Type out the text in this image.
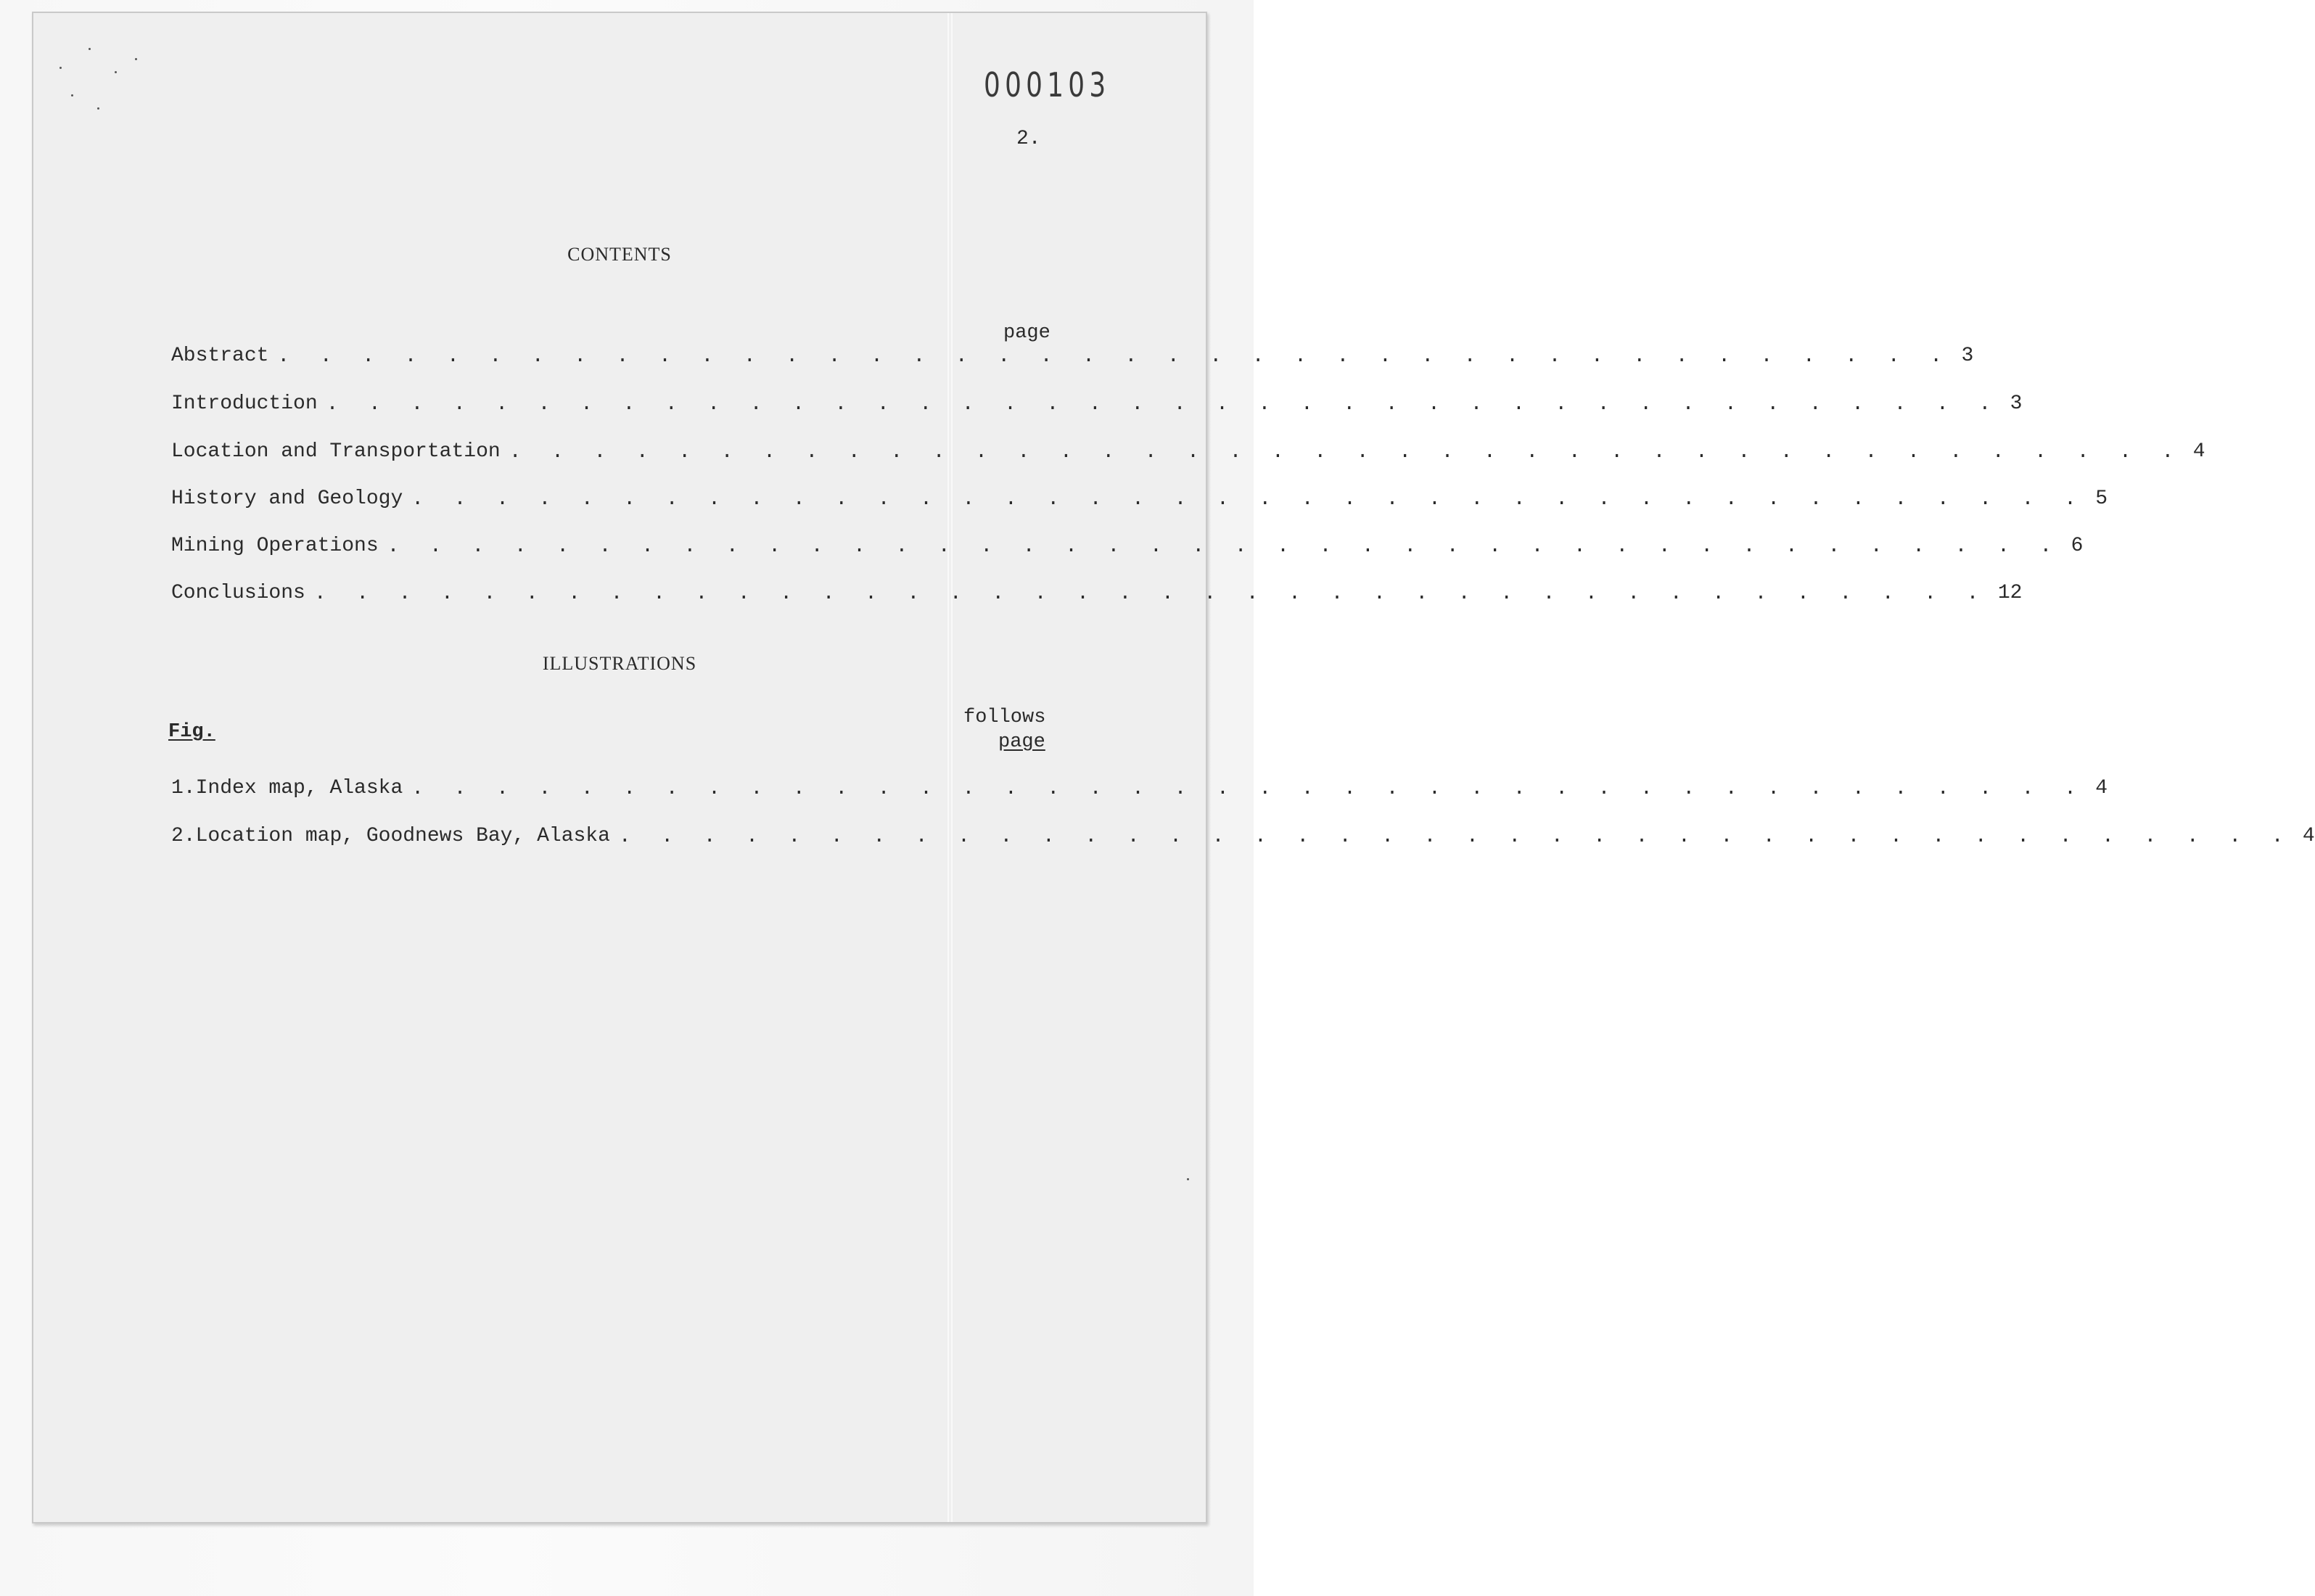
000103
2.
CONTENTS
page
Abstract . . . . . . . . . . . . . . . . . . . . . . . . . . . . . . . . . . . . . . . . 3
Introduction . . . . . . . . . . . . . . . . . . . . . . . . . . . . . . . . . . . . . . . . 3
Location and Transportation . . . . . . . . . . . . . . . . . . . . . . . . . . . . . . . . . . . . . . . . 4
History and Geology . . . . . . . . . . . . . . . . . . . . . . . . . . . . . . . . . . . . . . . . 5
Mining Operations . . . . . . . . . . . . . . . . . . . . . . . . . . . . . . . . . . . . . . . . 6
Conclusions . . . . . . . . . . . . . . . . . . . . . . . . . . . . . . . . . . . . . . . . 12
ILLUSTRATIONS
follows
page
Fig.
1. Index map, Alaska . . . . . . . . . . . . . . . . . . . . . . . . . . . . . . . . . . . . . . . . 4
2. Location map, Goodnews Bay, Alaska . . . . . . . . . . . . . . . . . . . . . . . . . . . . . . . . . . . . . . . . 4
